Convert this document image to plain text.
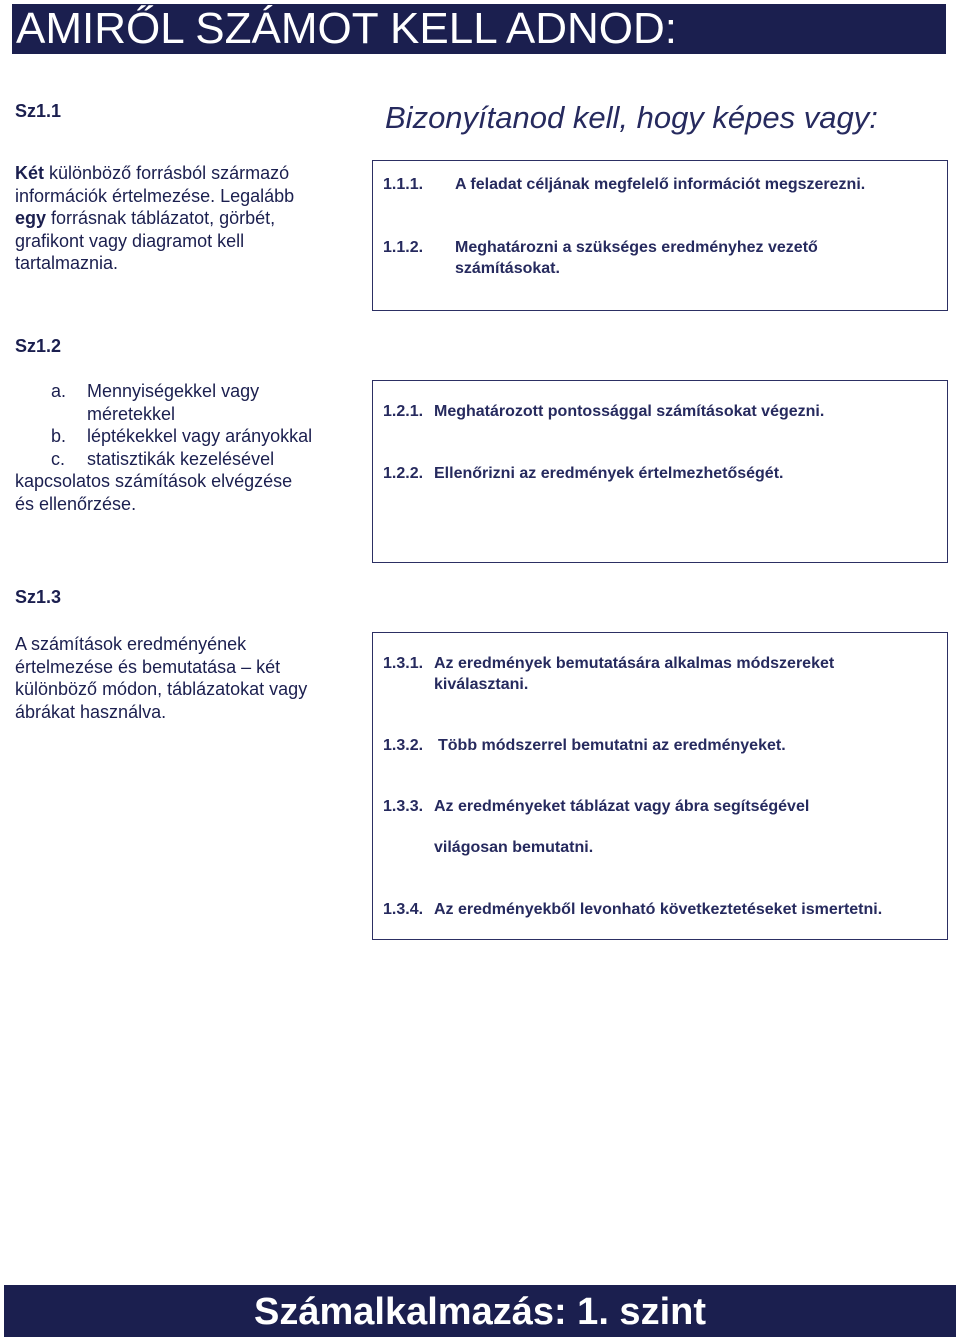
AMIRŐL SZÁMOT KELL ADNOD:
Bizonyítanod kell, hogy képes vagy:
Sz1.1
Két különböző forrásból származó információk értelmezése. Legalább egy forrásnak táblázatot, görbét, grafikont vagy diagramot kell tartalmaznia.
1.1.1.	A feladat céljának megfelelő információt megszerezni.
1.1.2.	Meghatározni a szükséges eredményhez vezető számításokat.
Sz1.2
a.	Mennyiségekkel vagy méretekkel
b.	léptékekkel vagy arányokkal
c.	statisztikák kezelésével
kapcsolatos számítások elvégzése és ellenőrzése.
1.2.1. Meghatározott pontossággal számításokat végezni.
1.2.2. Ellenőrizni az eredmények értelmezhetőségét.
Sz1.3
A számítások eredményének értelmezése és bemutatása – két különböző módon, táblázatokat vagy ábrákat használva.
1.3.1. Az eredmények bemutatására alkalmas módszereket kiválasztani.
1.3.2. Több módszerrel bemutatni az eredményeket.
1.3.3. Az eredményeket táblázat vagy ábra segítségével
világosan bemutatni.
1.3.4. Az eredményekből levonható következtetéseket ismertetni.
Számalkalmazás: 1. szint
